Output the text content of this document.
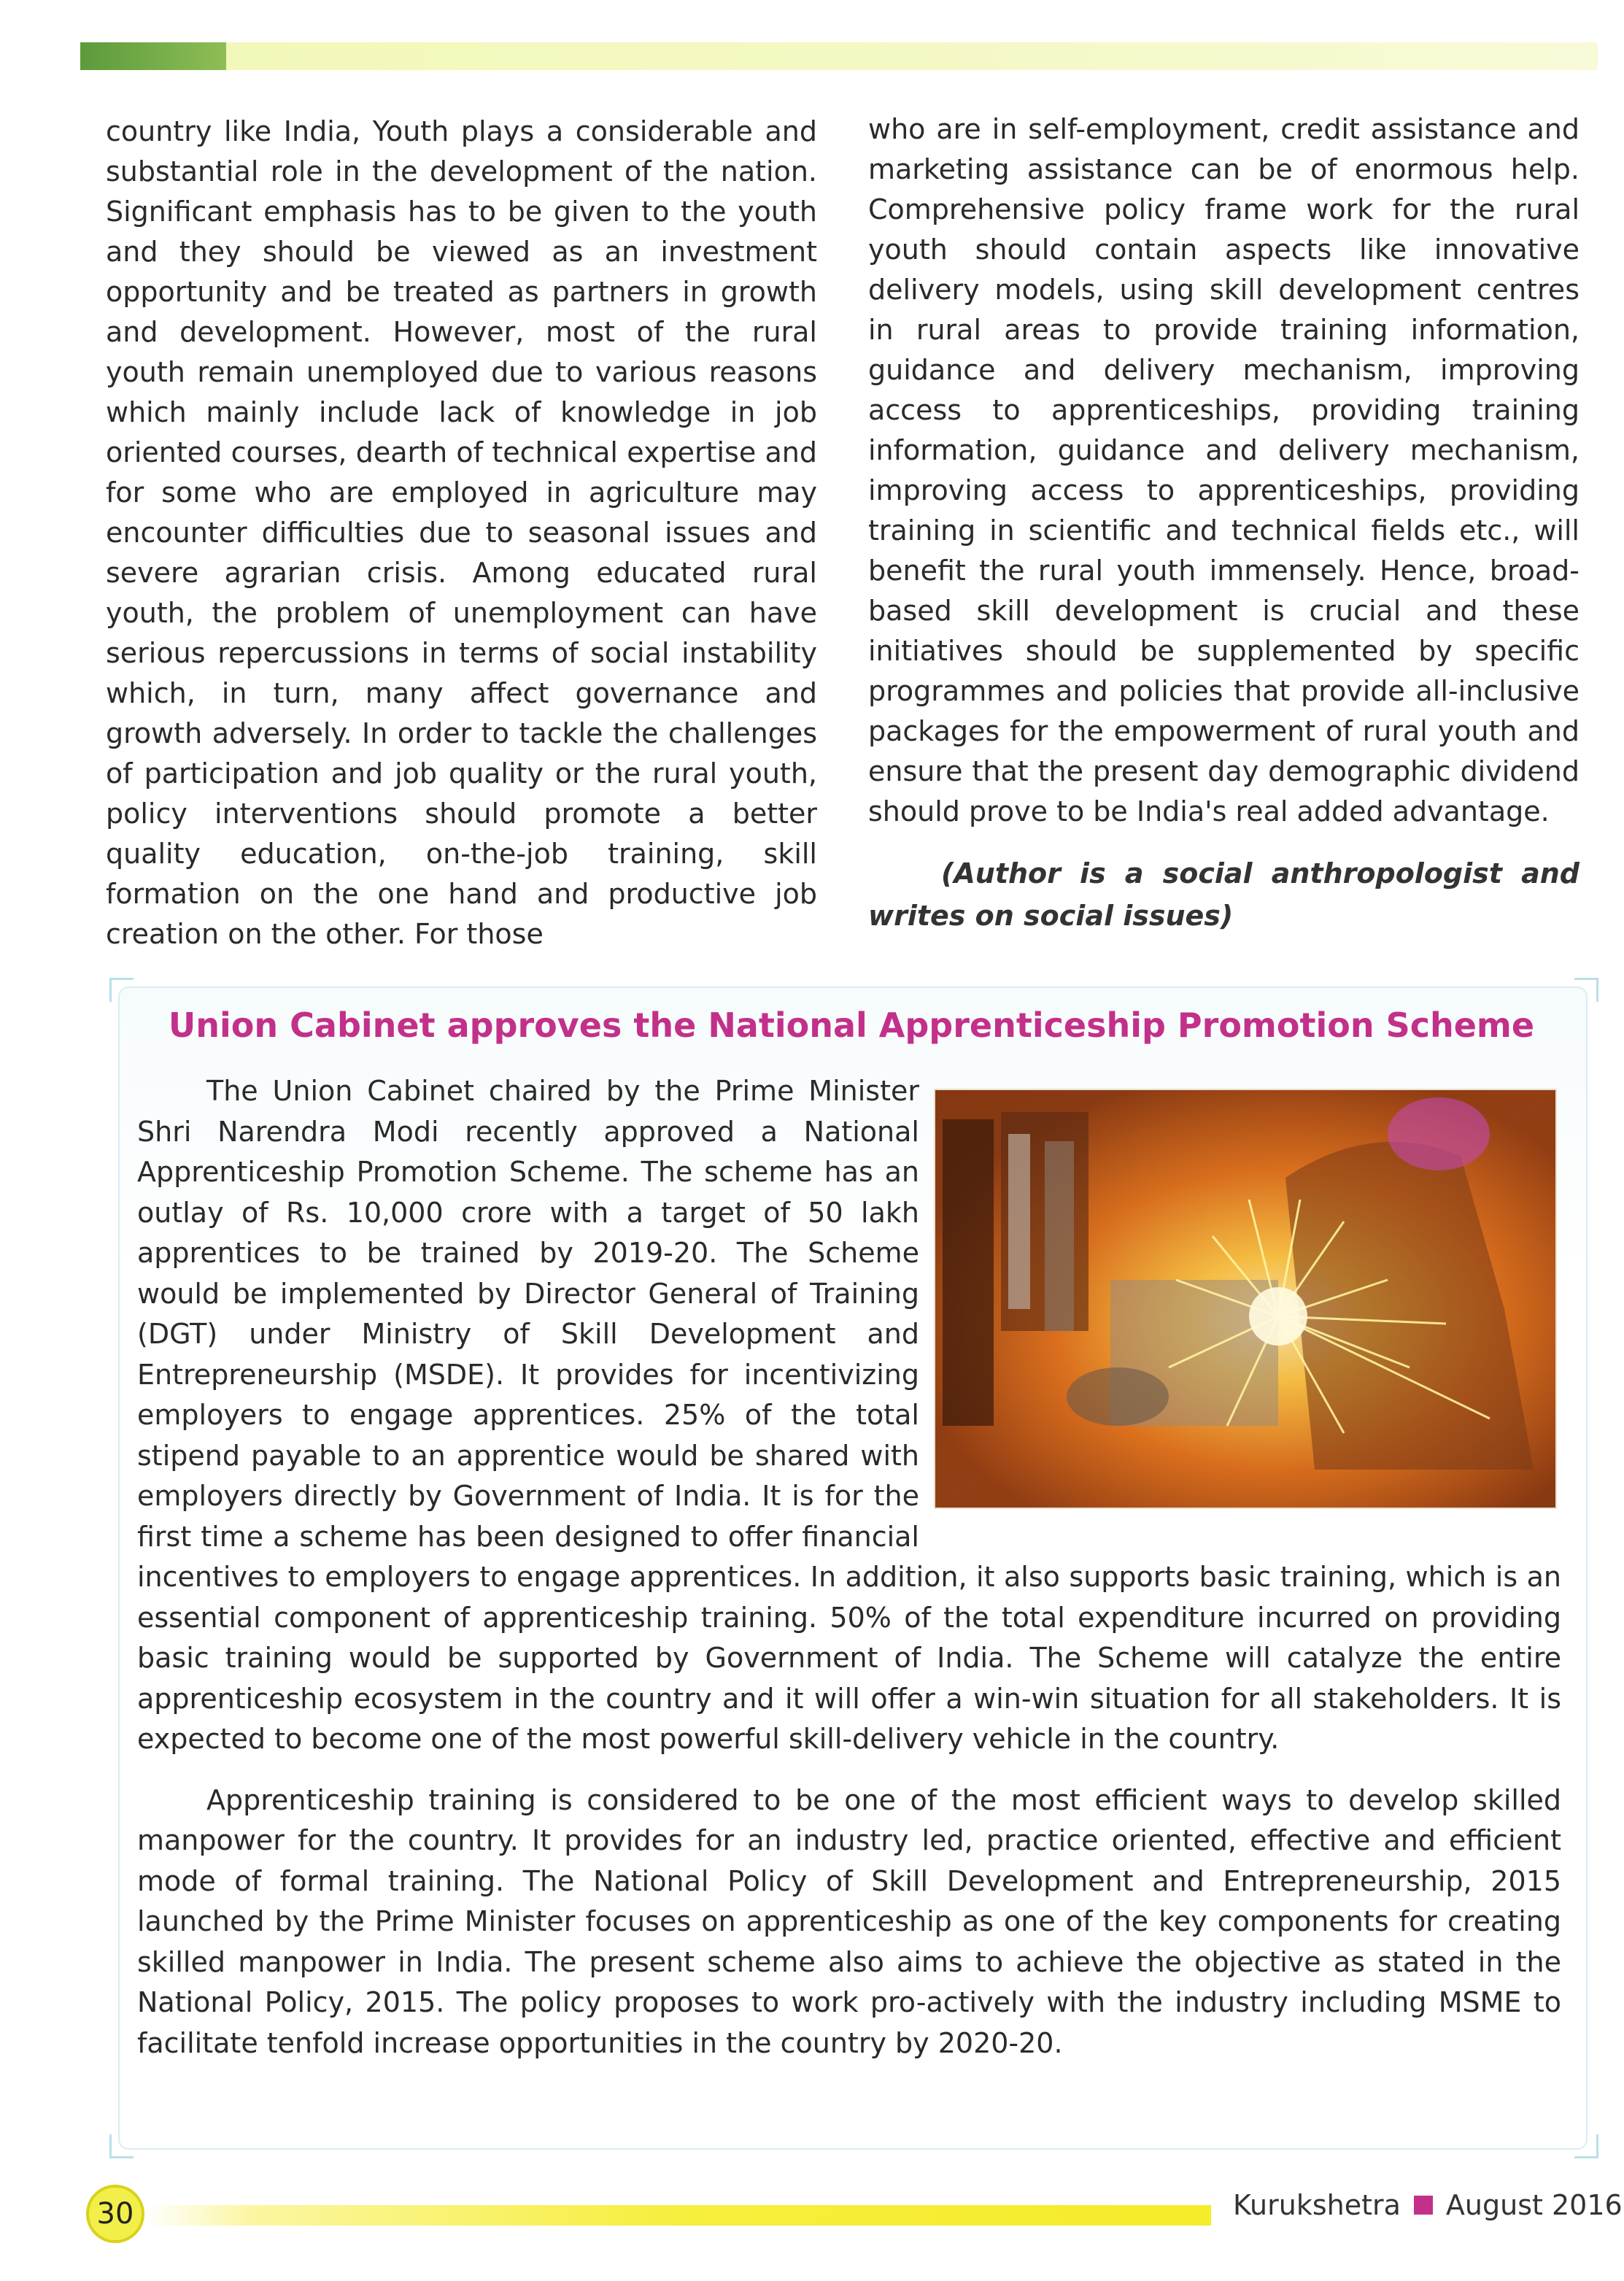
country like India, Youth plays a considerable and substantial role in the development of the nation. Significant emphasis has to be given to the youth and they should be viewed as an investment opportunity and be treated as partners in growth and development. However, most of the rural youth remain unemployed due to various reasons which mainly include lack of knowledge in job oriented courses, dearth of technical expertise and for some who are employed in agriculture may encounter difficulties due to seasonal issues and severe agrarian crisis. Among educated rural youth, the problem of unemployment can have serious repercussions in terms of social instability which, in turn, many affect governance and growth adversely. In order to tackle the challenges of participation and job quality or the rural youth, policy interventions should promote a better quality education, on-the-job training, skill formation on the one hand and productive job creation on the other. For those
who are in self-employment, credit assistance and marketing assistance can be of enormous help. Comprehensive policy frame work for the rural youth should contain aspects like innovative delivery models, using skill development centres in rural areas to provide training information, guidance and delivery mechanism, improving access to apprenticeships, providing training information, guidance and delivery mechanism, improving access to apprenticeships, providing training in scientific and technical fields etc., will benefit the rural youth immensely. Hence, broad-based skill development is crucial and these initiatives should be supplemented by specific programmes and policies that provide all-inclusive packages for the empowerment of rural youth and ensure that the present day demographic dividend should prove to be India's real added advantage.
(Author is a social anthropologist and writes on social issues)
Union Cabinet approves the National Apprenticeship Promotion Scheme

The Union Cabinet chaired by the Prime Minister Shri Narendra Modi recently approved a National Apprenticeship Promotion Scheme. The scheme has an outlay of Rs. 10,000 crore with a target of 50 lakh apprentices to be trained by 2019-20. The Scheme would be implemented by Director General of Training (DGT) under Ministry of Skill Development and Entrepreneurship (MSDE). It provides for incentivizing employers to engage apprentices. 25% of the total stipend payable to an apprentice would be shared with employers directly by Government of India. It is for the first time a scheme has been designed to offer financial incentives to employers to engage apprentices. In addition, it also supports basic training, which is an essential component of apprenticeship training. 50% of the total expenditure incurred on providing basic training would be supported by Government of India. The Scheme will catalyze the entire apprenticeship ecosystem in the country and it will offer a win-win situation for all stakeholders. It is expected to become one of the most powerful skill-delivery vehicle in the country.

Apprenticeship training is considered to be one of the most efficient ways to develop skilled manpower for the country. It provides for an industry led, practice oriented, effective and efficient mode of formal training. The National Policy of Skill Development and Entrepreneurship, 2015 launched by the Prime Minister focuses on apprenticeship as one of the key components for creating skilled manpower in India. The present scheme also aims to achieve the objective as stated in the National Policy, 2015. The policy proposes to work pro-actively with the industry including MSME to facilitate tenfold increase opportunities in the country by 2020-20.

30	Kurukshetra August 2016
